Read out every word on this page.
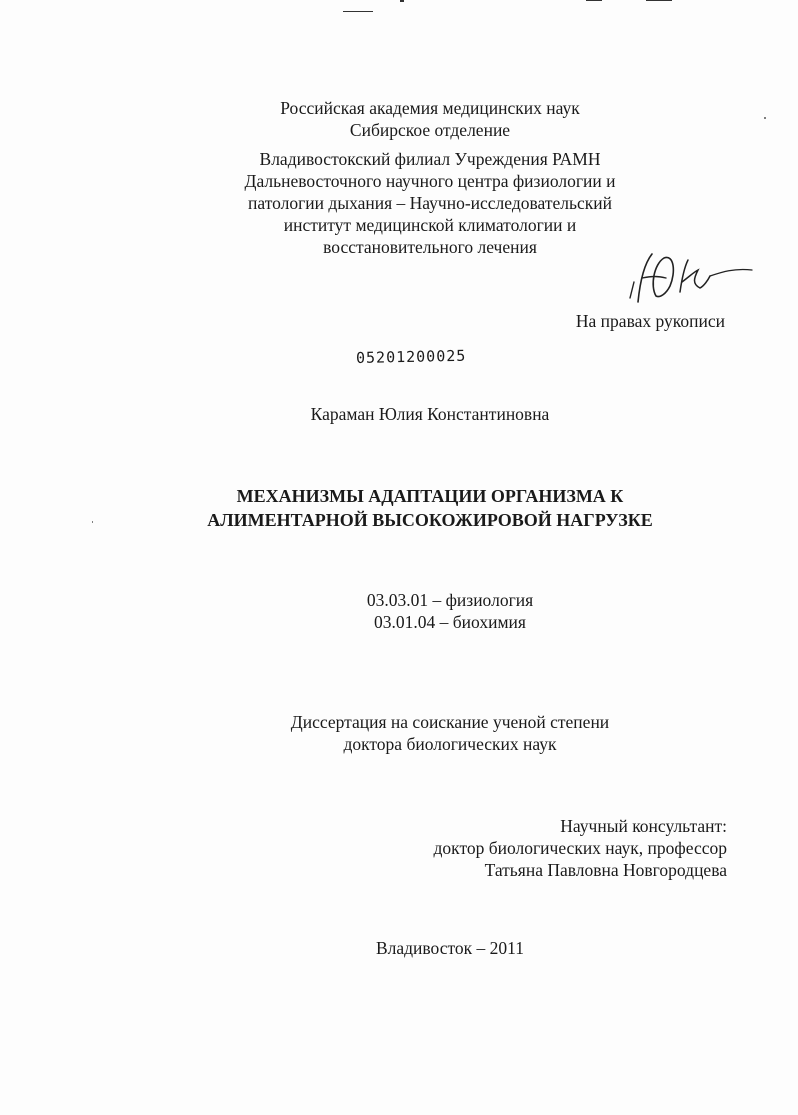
Российская академия медицинских наук
Сибирское отделение
Владивостокский филиал Учреждения РАМН
Дальневосточного научного центра физиологии и
патологии дыхания – Научно-исследовательский
институт медицинской климатологии и
восстановительного лечения
На правах рукописи
05201200025
Караман Юлия Константиновна
МЕХАНИЗМЫ АДАПТАЦИИ ОРГАНИЗМА К
АЛИМЕНТАРНОЙ ВЫСОКОЖИРОВОЙ НАГРУЗКЕ
03.03.01 – физиология
03.01.04 – биохимия
Диссертация на соискание ученой степени
доктора биологических наук
Научный консультант:
доктор биологических наук, профессор
Татьяна Павловна Новгородцева
Владивосток – 2011
